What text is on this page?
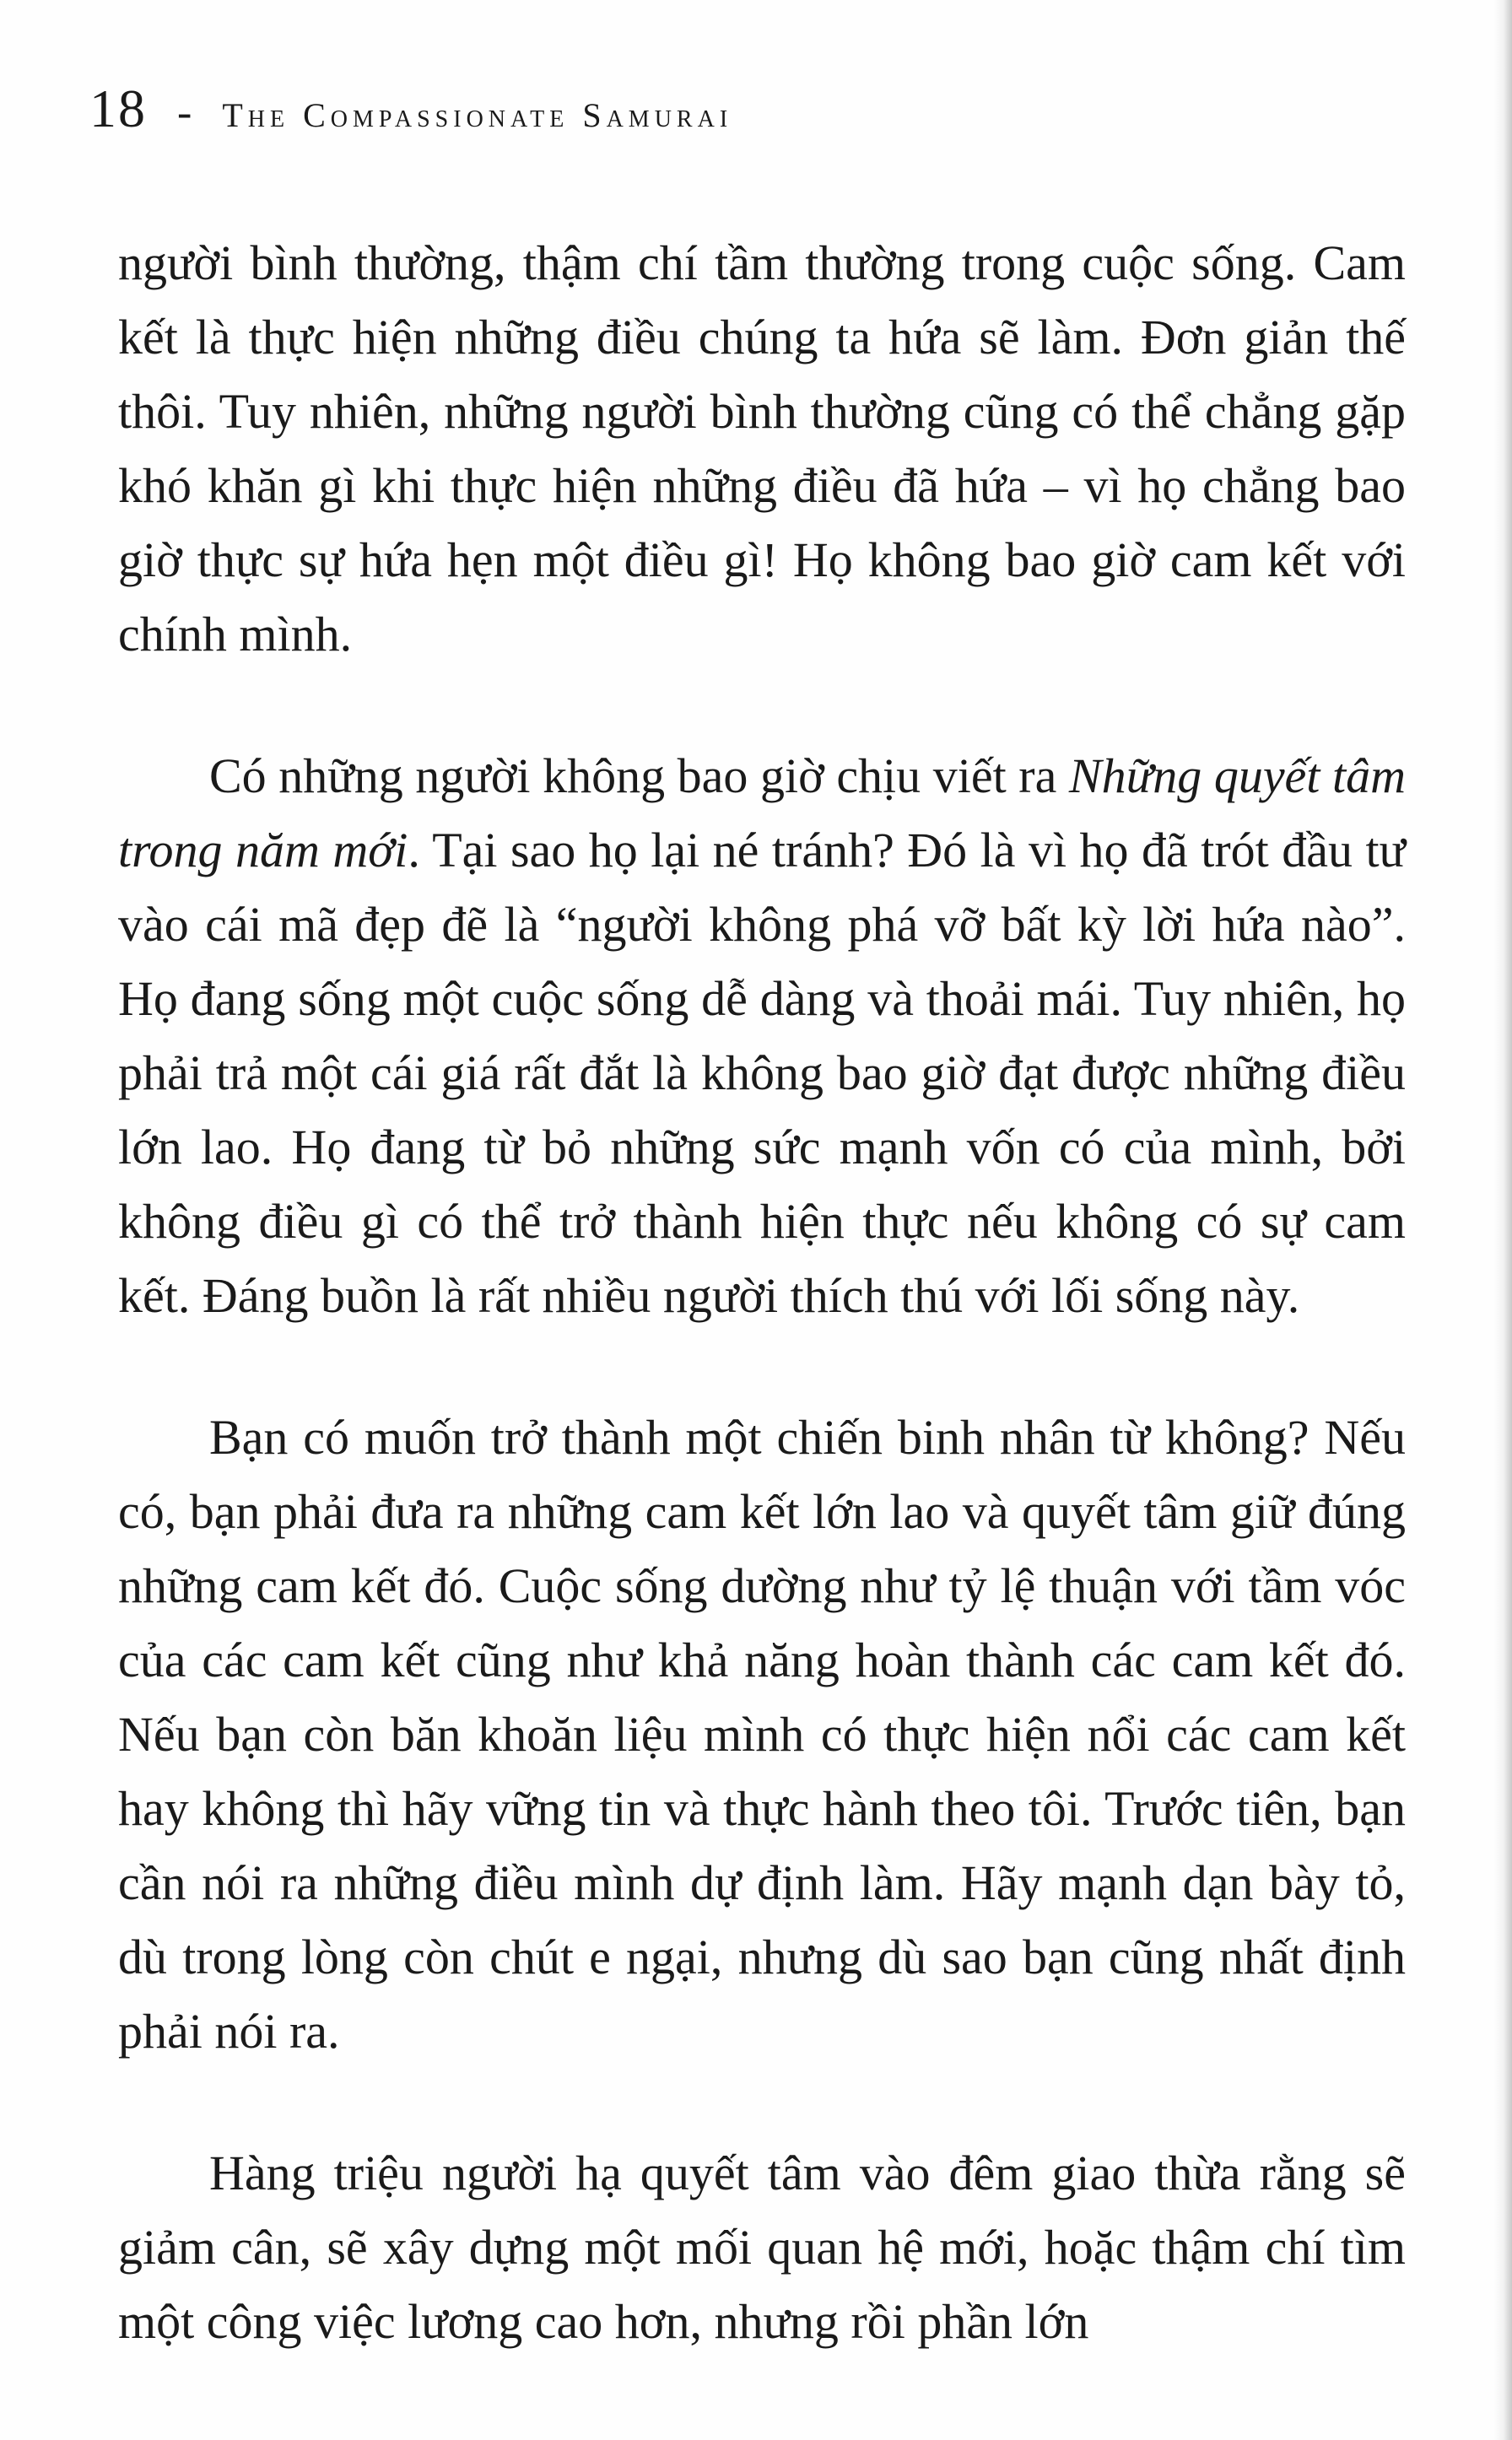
18 - The Compassionate Samurai

người bình thường, thậm chí tầm thường trong cuộc sống. Cam kết là thực hiện những điều chúng ta hứa sẽ làm. Đơn giản thế thôi. Tuy nhiên, những người bình thường cũng có thể chẳng gặp khó khăn gì khi thực hiện những điều đã hứa – vì họ chẳng bao giờ thực sự hứa hẹn một điều gì! Họ không bao giờ cam kết với chính mình.

Có những người không bao giờ chịu viết ra Những quyết tâm trong năm mới. Tại sao họ lại né tránh? Đó là vì họ đã trót đầu tư vào cái mã đẹp đẽ là “người không phá vỡ bất kỳ lời hứa nào”. Họ đang sống một cuộc sống dễ dàng và thoải mái. Tuy nhiên, họ phải trả một cái giá rất đắt là không bao giờ đạt được những điều lớn lao. Họ đang từ bỏ những sức mạnh vốn có của mình, bởi không điều gì có thể trở thành hiện thực nếu không có sự cam kết. Đáng buồn là rất nhiều người thích thú với lối sống này.

Bạn có muốn trở thành một chiến binh nhân từ không? Nếu có, bạn phải đưa ra những cam kết lớn lao và quyết tâm giữ đúng những cam kết đó. Cuộc sống dường như tỷ lệ thuận với tầm vóc của các cam kết cũng như khả năng hoàn thành các cam kết đó. Nếu bạn còn băn khoăn liệu mình có thực hiện nổi các cam kết hay không thì hãy vững tin và thực hành theo tôi. Trước tiên, bạn cần nói ra những điều mình dự định làm. Hãy mạnh dạn bày tỏ, dù trong lòng còn chút e ngại, nhưng dù sao bạn cũng nhất định phải nói ra.

Hàng triệu người hạ quyết tâm vào đêm giao thừa rằng sẽ giảm cân, sẽ xây dựng một mối quan hệ mới, hoặc thậm chí tìm một công việc lương cao hơn, nhưng rồi phần lớn
